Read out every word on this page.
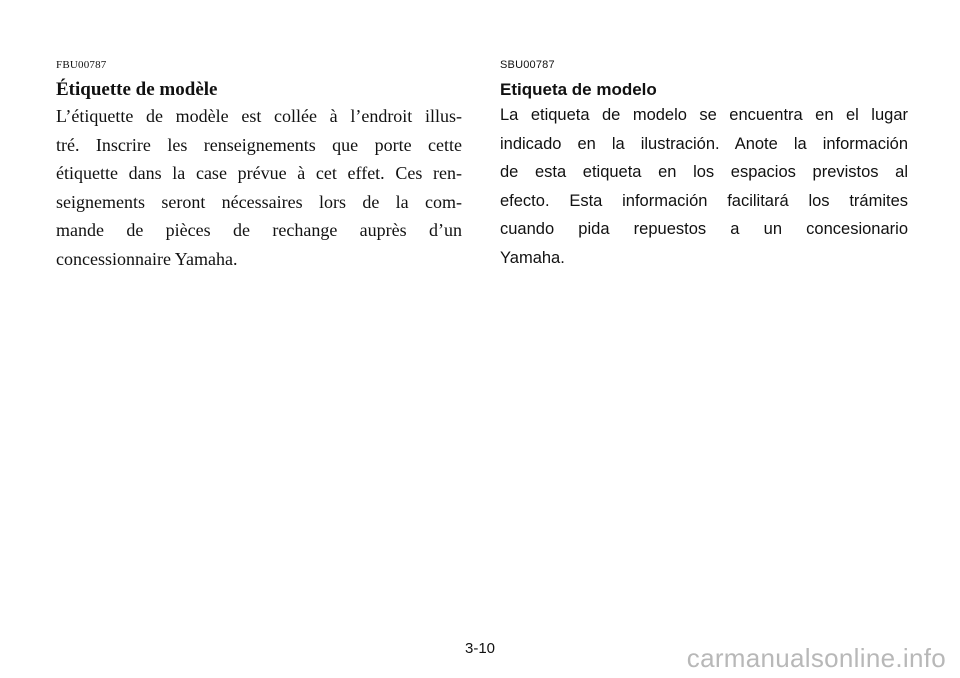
FBU00787
Étiquette de modèle
L’étiquette de modèle est collée à l’endroit illus-
tré. Inscrire les renseignements que porte cette
étiquette dans la case prévue à cet effet. Ces ren-
seignements seront nécessaires lors de la com-
mande de pièces de rechange auprès d’un
concessionnaire Yamaha.
SBU00787
Etiqueta de modelo
La etiqueta de modelo se encuentra en el lugar
indicado en la ilustración. Anote la información
de esta etiqueta en los espacios previstos al
efecto. Esta información facilitará los trámites
cuando pida repuestos a un concesionario
Yamaha.
3-10	carmanualsonline.info
